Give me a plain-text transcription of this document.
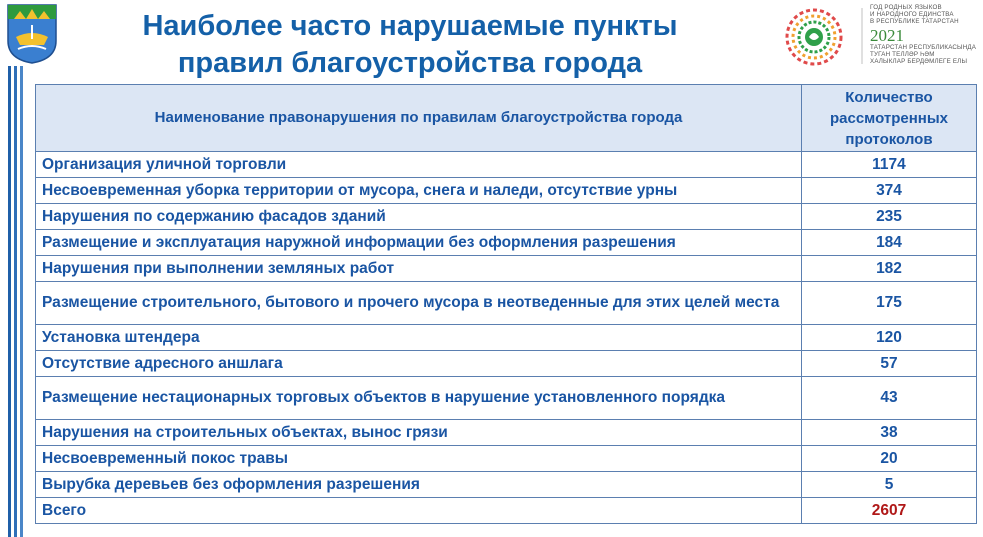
Наиболее часто нарушаемые пункты
правил благоустройства города
ГОД РОДНЫХ ЯЗЫКОВ
И НАРОДНОГО ЕДИНСТВА
В РЕСПУБЛИКЕ ТАТАРСТАН
2021
ТАТАРСТАН РЕСПУБЛИКАСЫНДА
ТУГАН ТЕЛЛӘР ҺӘМ
ХАЛЫКЛАР БЕРДӘМЛЕГЕ ЕЛЫ
Наименование правонарушения по правилам благоустройства города	Количество рассмотренных протоколов
Организация уличной торговли	1174
Несвоевременная уборка территории от мусора, снега и наледи, отсутствие урны	374
Нарушения по содержанию фасадов зданий	235
Размещение и эксплуатация наружной информации без оформления разрешения	184
Нарушения при выполнении земляных работ	182
Размещение строительного, бытового и прочего мусора в неотведенные для этих целей места	175
Установка штендера	120
Отсутствие адресного аншлага	57
Размещение нестационарных торговых объектов в нарушение установленного порядка	43
Нарушения на строительных объектах, вынос грязи	38
Несвоевременный покос травы	20
Вырубка деревьев без оформления разрешения	5
Всего	2607
